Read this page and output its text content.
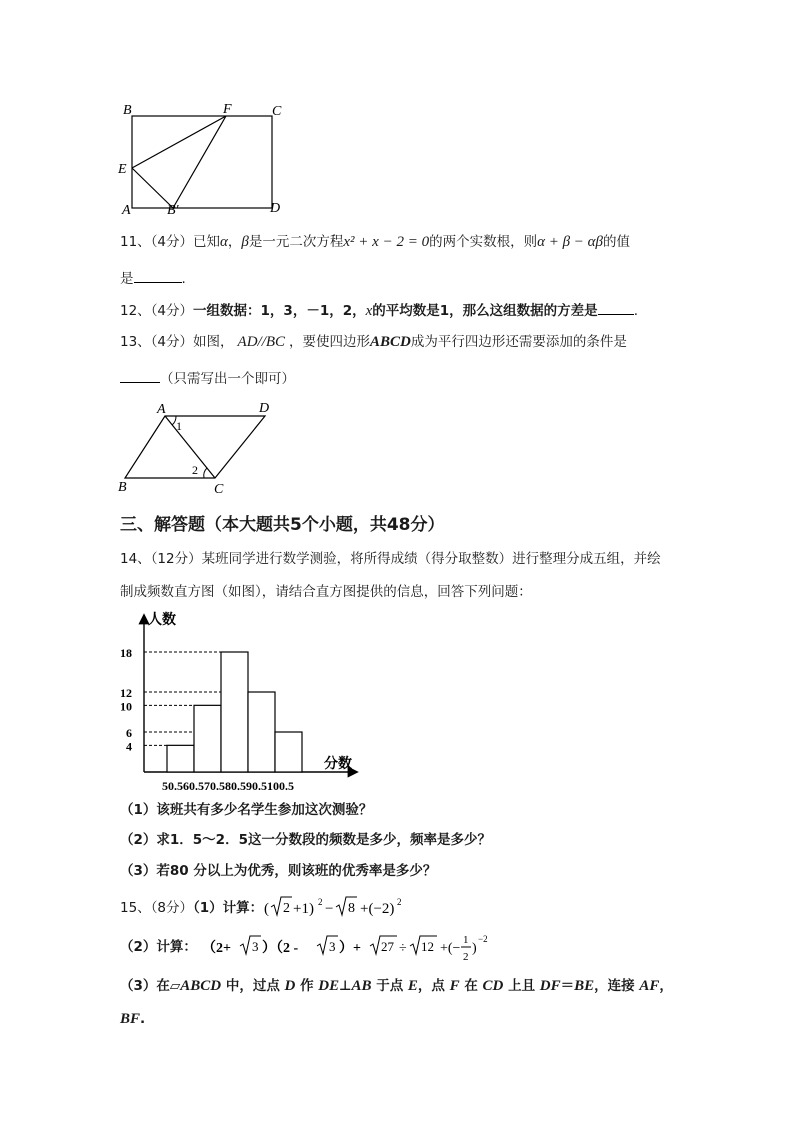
B	F	C
E
A	B′	D
11、（4分）已知α，β是一元二次方程x² + x − 2 = 0的两个实数根，则α + β − αβ的值
是	.
12、（4分）一组数据：1，3，－1，2，x的平均数是1，那么这组数据的方差是	.
13、（4分）如图， AD//BC ，要使四边形ABCD成为平行四边形还需要添加的条件是
（只需写出一个即可）
A	D
B	C
1
2
三、解答题（本大题共5个小题，共48分）
14、（12分）某班同学进行数学测验，将所得成绩（得分取整数）进行整理分成五组，并绘
制成频数直方图（如图），请结合直方图提供的信息，回答下列问题：
4
6
10
12
18
人数
分数
50.560.570.580.590.5100.5
（1）该班共有多少名学生参加这次测验？
（2）求1．5～2．5这一分数段的频数是多少，频率是多少？
（3）若80 分以上为优秀，则该班的优秀率是多少？
15、（8分）（1）计算： ( 2 +1) 2 − 8 +(−2) 2
（2）计算： （2+ 3 ）（2 - 3 ）+ 27 ÷ 12 +(−
1
2
)
−2
（3）在▱ABCD 中，过点 D 作 DE⊥AB 于点 E，点 F 在 CD 上且 DF＝BE，连接 AF，
BF.
